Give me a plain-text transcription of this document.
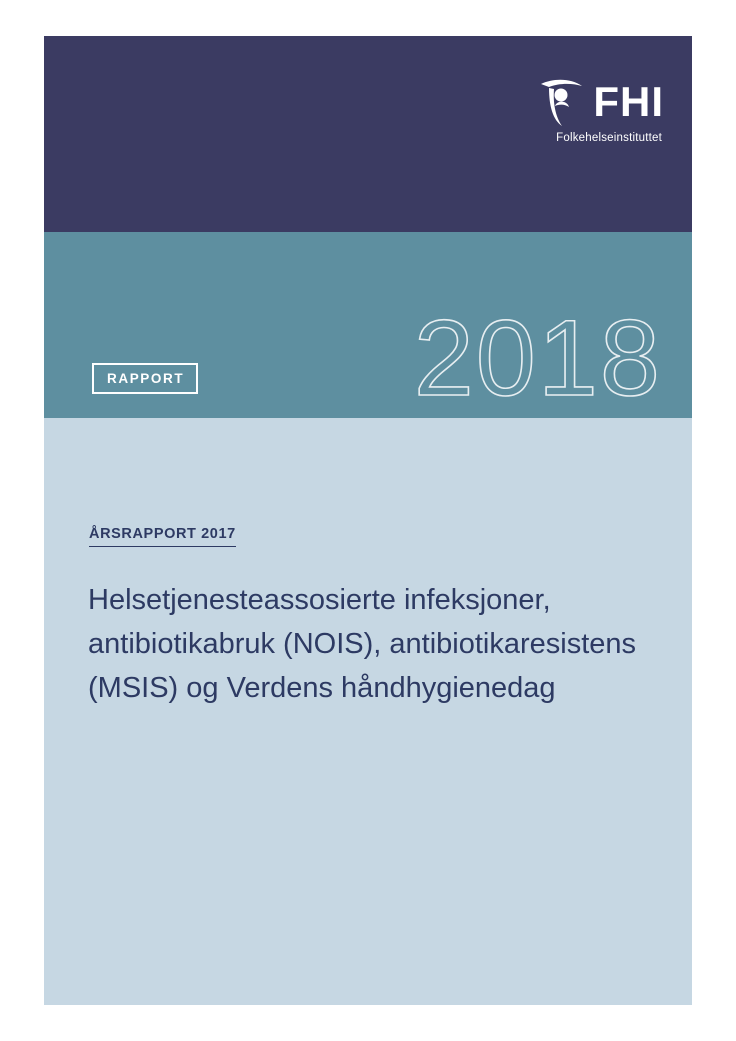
FHI
Folkehelseinstituttet
2018
RAPPORT
ÅRSRAPPORT 2017
Helsetjenesteassosierte infeksjoner, antibiotikabruk (NOIS), antibiotikaresistens (MSIS) og Verdens håndhygienedag
